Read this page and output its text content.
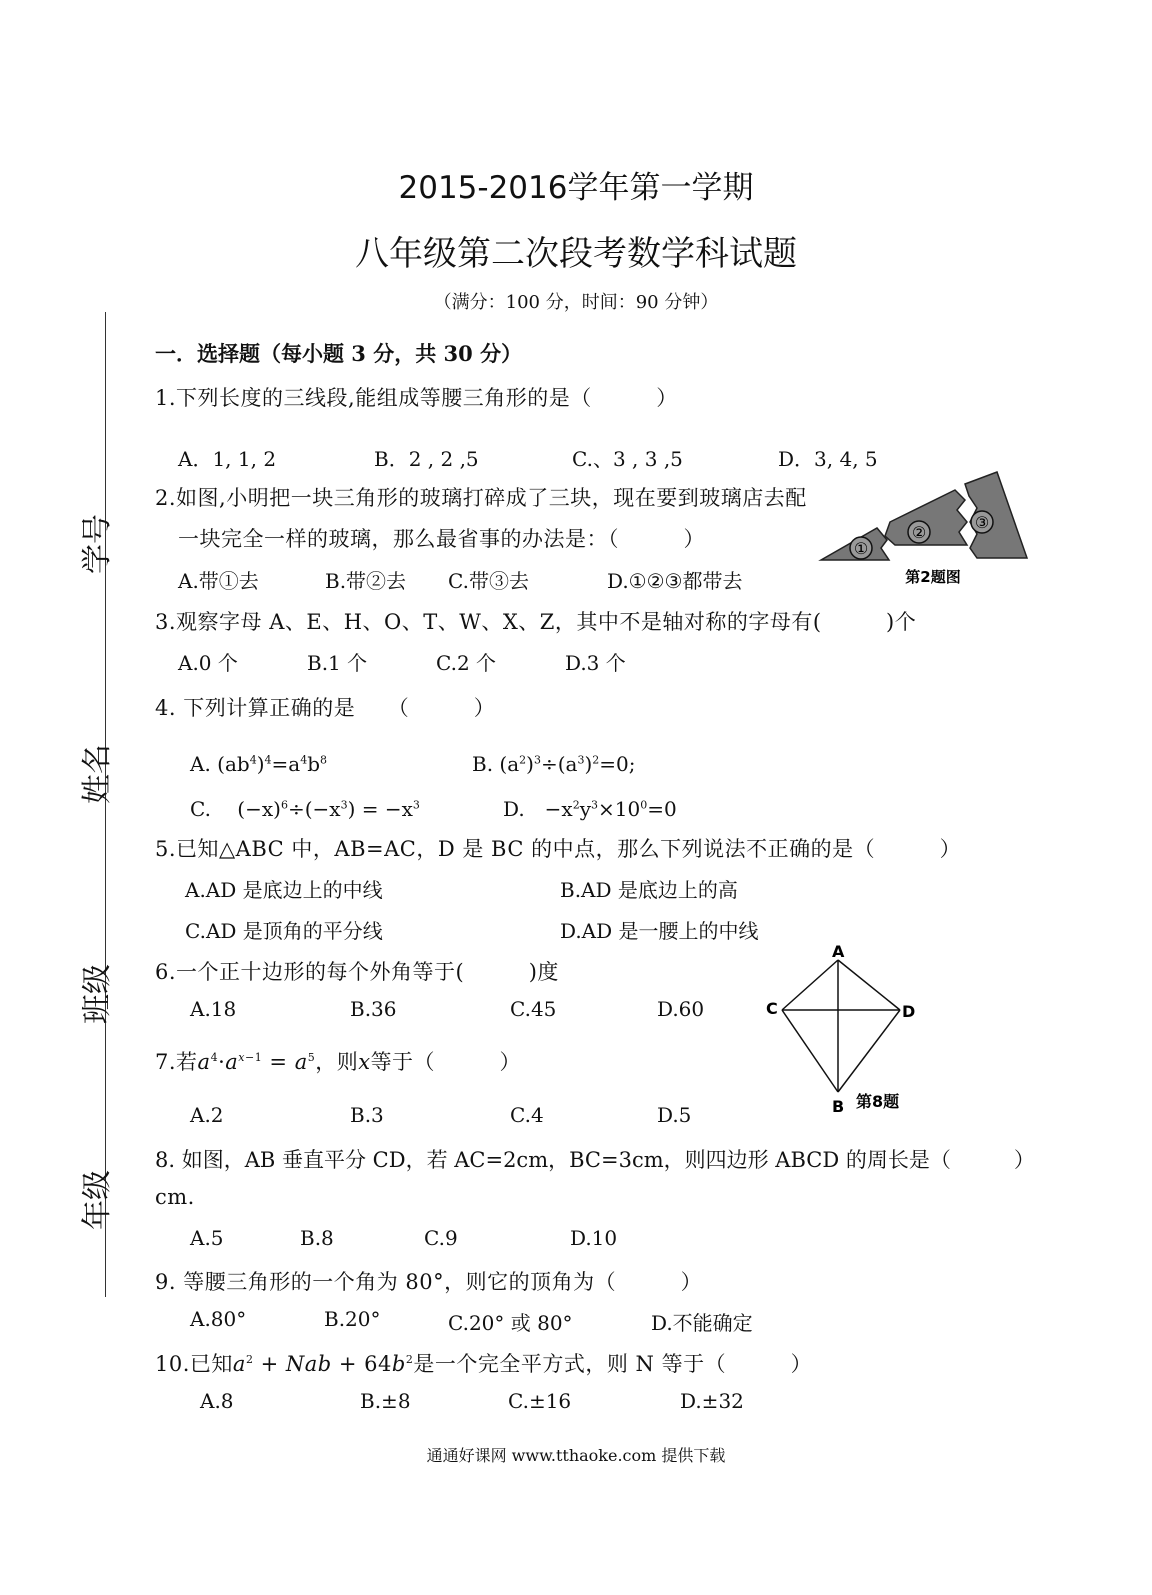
学号
姓名
班级
年级
2015-2016学年第一学期
八年级第二次段考数学科试题
（满分：100 分，时间：90 分钟）
一．选择题（每小题 3 分，共 30 分）
1.下列长度的三线段,能组成等腰三角形的是（　　　）
A．1, 1, 2	B．2 , 2 ,5	C.、3 , 3 ,5	D．3, 4, 5
2.如图,小明把一块三角形的玻璃打碎成了三块，现在要到玻璃店去配
一块完全一样的玻璃，那么最省事的办法是：（　　　）
A.带①去	B.带②去 C.带③去	D.①②③都带去
①
②
③
第2题图
3.观察字母 A、E、H、O、T、W、X、Z，其中不是轴对称的字母有(　　　)个
A.0 个	B.1 个	C.2 个	D.3 个
4. 下列计算正确的是　　（　　　）
A. $(ab^4)^4=a^4b^8$	B. $(a^2)^3\div(a^3)^2=0$;
C.　 $(-x)^6\div(-x^3) = -x^3$	D.　$-x^2y^3\times 10^0=0$
5.已知△ABC 中，AB=AC，D 是 BC 的中点，那么下列说法不正确的是（　　　）
A.AD 是底边上的中线	B.AD 是底边上的高
C.AD 是顶角的平分线	D.AD 是一腰上的中线
6.一个正十边形的每个外角等于(　　　)度
A.18	B.36	C.45	D.60
A
C	D
B 第8题
7.若$a^4\cdot a^{x-1} = a^5$，则x等于（　　　）
A.2	B.3	C.4	D.5
8. 如图，AB 垂直平分 CD，若 AC=2cm，BC=3cm，则四边形 ABCD 的周长是（　　　）
cm.
A.5	B.8	C.9	D.10
9. 等腰三角形的一个角为 80°，则它的顶角为（　　　）
A.80°	B.20°	C.20° 或 80°	D.不能确定
10.已知$a^2$ + Nab + $64b^2$是一个完全平方式，则 N 等于（　　　）
A.8	B.±8	C.±16	D.±32
通通好课网 www.tthaoke.com 提供下载
